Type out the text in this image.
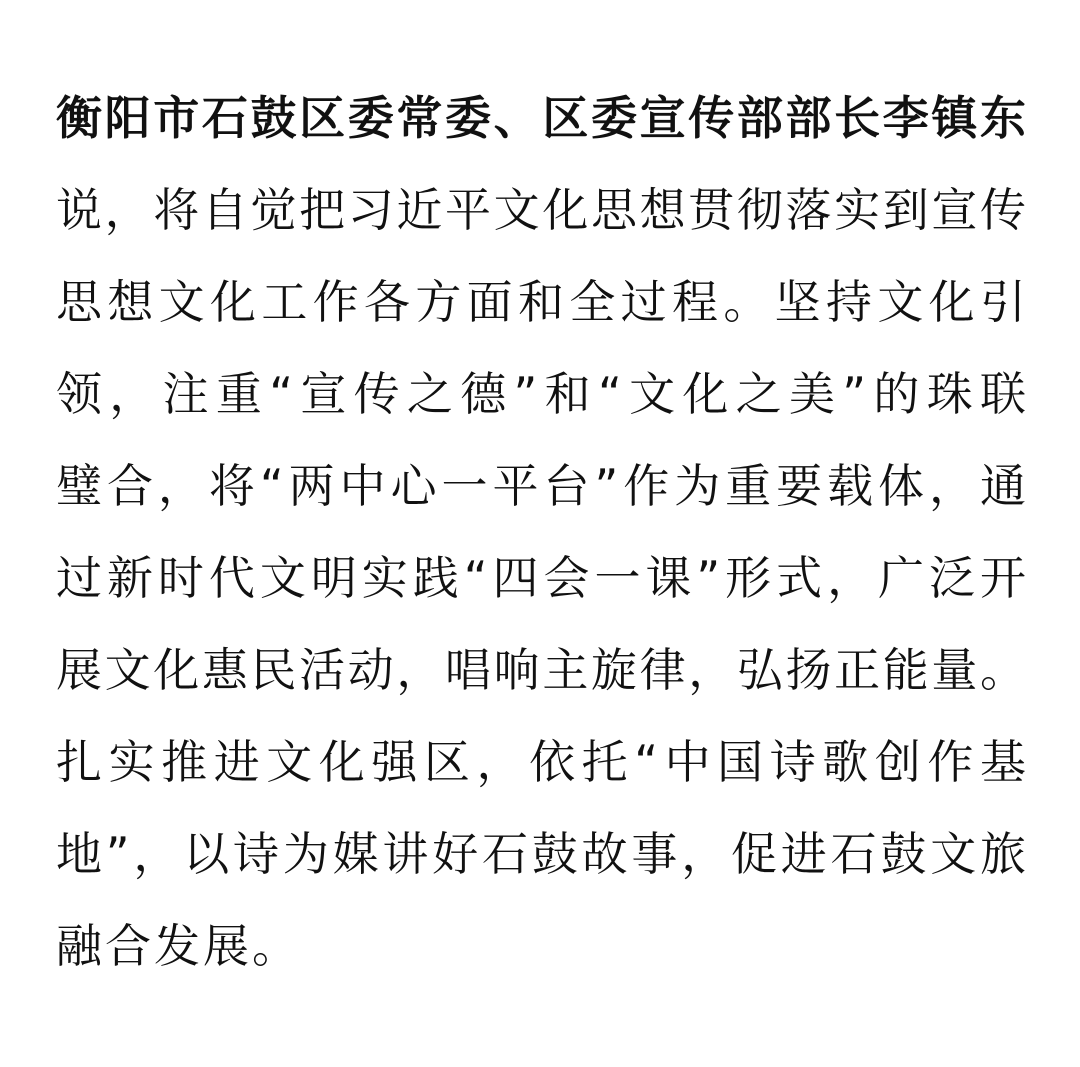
衡阳市石鼓区委常委、区委宣传部部长李镇东
说，将自觉把习近平文化思想贯彻落实到宣传
思想文化工作各方面和全过程。坚持文化引
领，注重“宣传之德”和“文化之美”的珠联
璧合，将“两中心一平台”作为重要载体，通
过新时代文明实践“四会一课”形式，广泛开
展文化惠民活动，唱响主旋律，弘扬正能量。
扎实推进文化强区，依托“中国诗歌创作基
地”，以诗为媒讲好石鼓故事，促进石鼓文旅
融合发展。
